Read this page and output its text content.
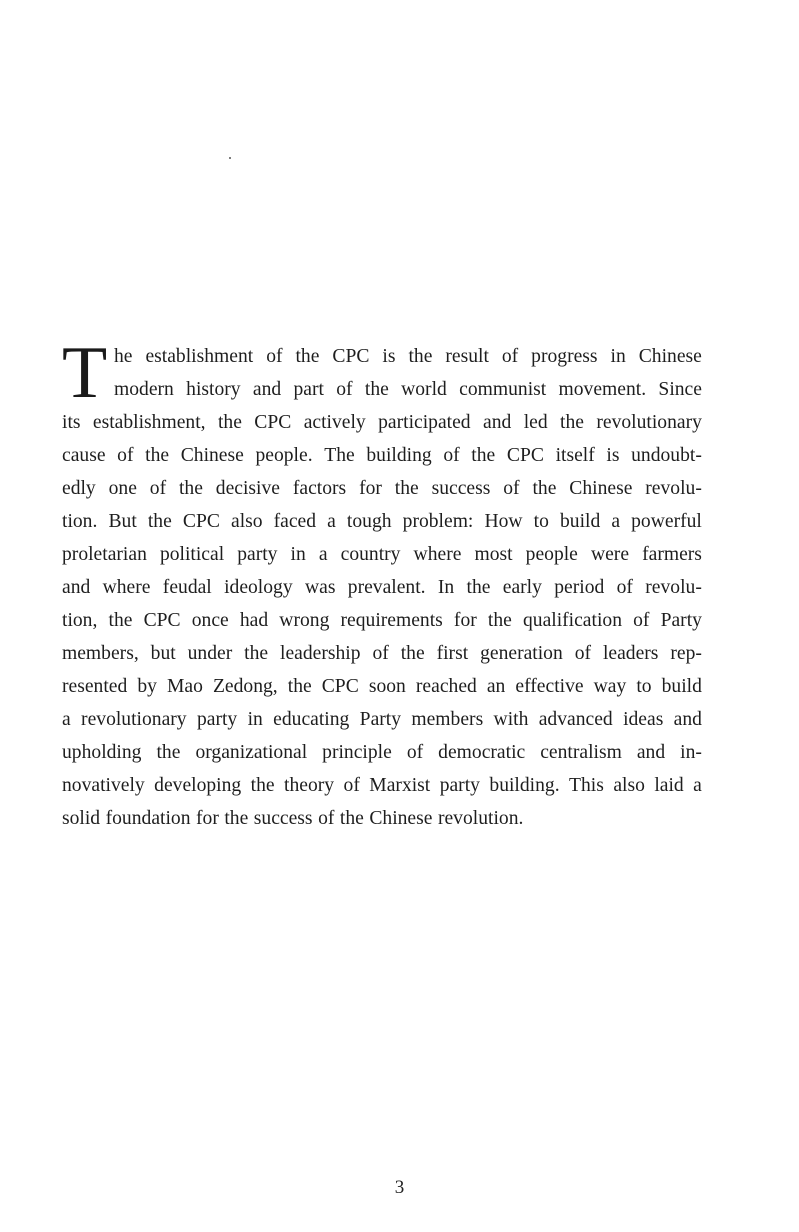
T he establishment of the CPC is the result of progress in Chinese
modern history and part of the world communist movement. Since
its establishment, the CPC actively participated and led the revolutionary
cause of the Chinese people. The building of the CPC itself is undoubt-
edly one of the decisive factors for the success of the Chinese revolu-
tion. But the CPC also faced a tough problem: How to build a powerful
proletarian political party in a country where most people were farmers
and where feudal ideology was prevalent. In the early period of revolu-
tion, the CPC once had wrong requirements for the qualification of Party
members, but under the leadership of the first generation of leaders rep-
resented by Mao Zedong, the CPC soon reached an effective way to build
a revolutionary party in educating Party members with advanced ideas and
upholding the organizational principle of democratic centralism and in-
novatively developing the theory of Marxist party building. This also laid a
solid foundation for the success of the Chinese revolution.
3
